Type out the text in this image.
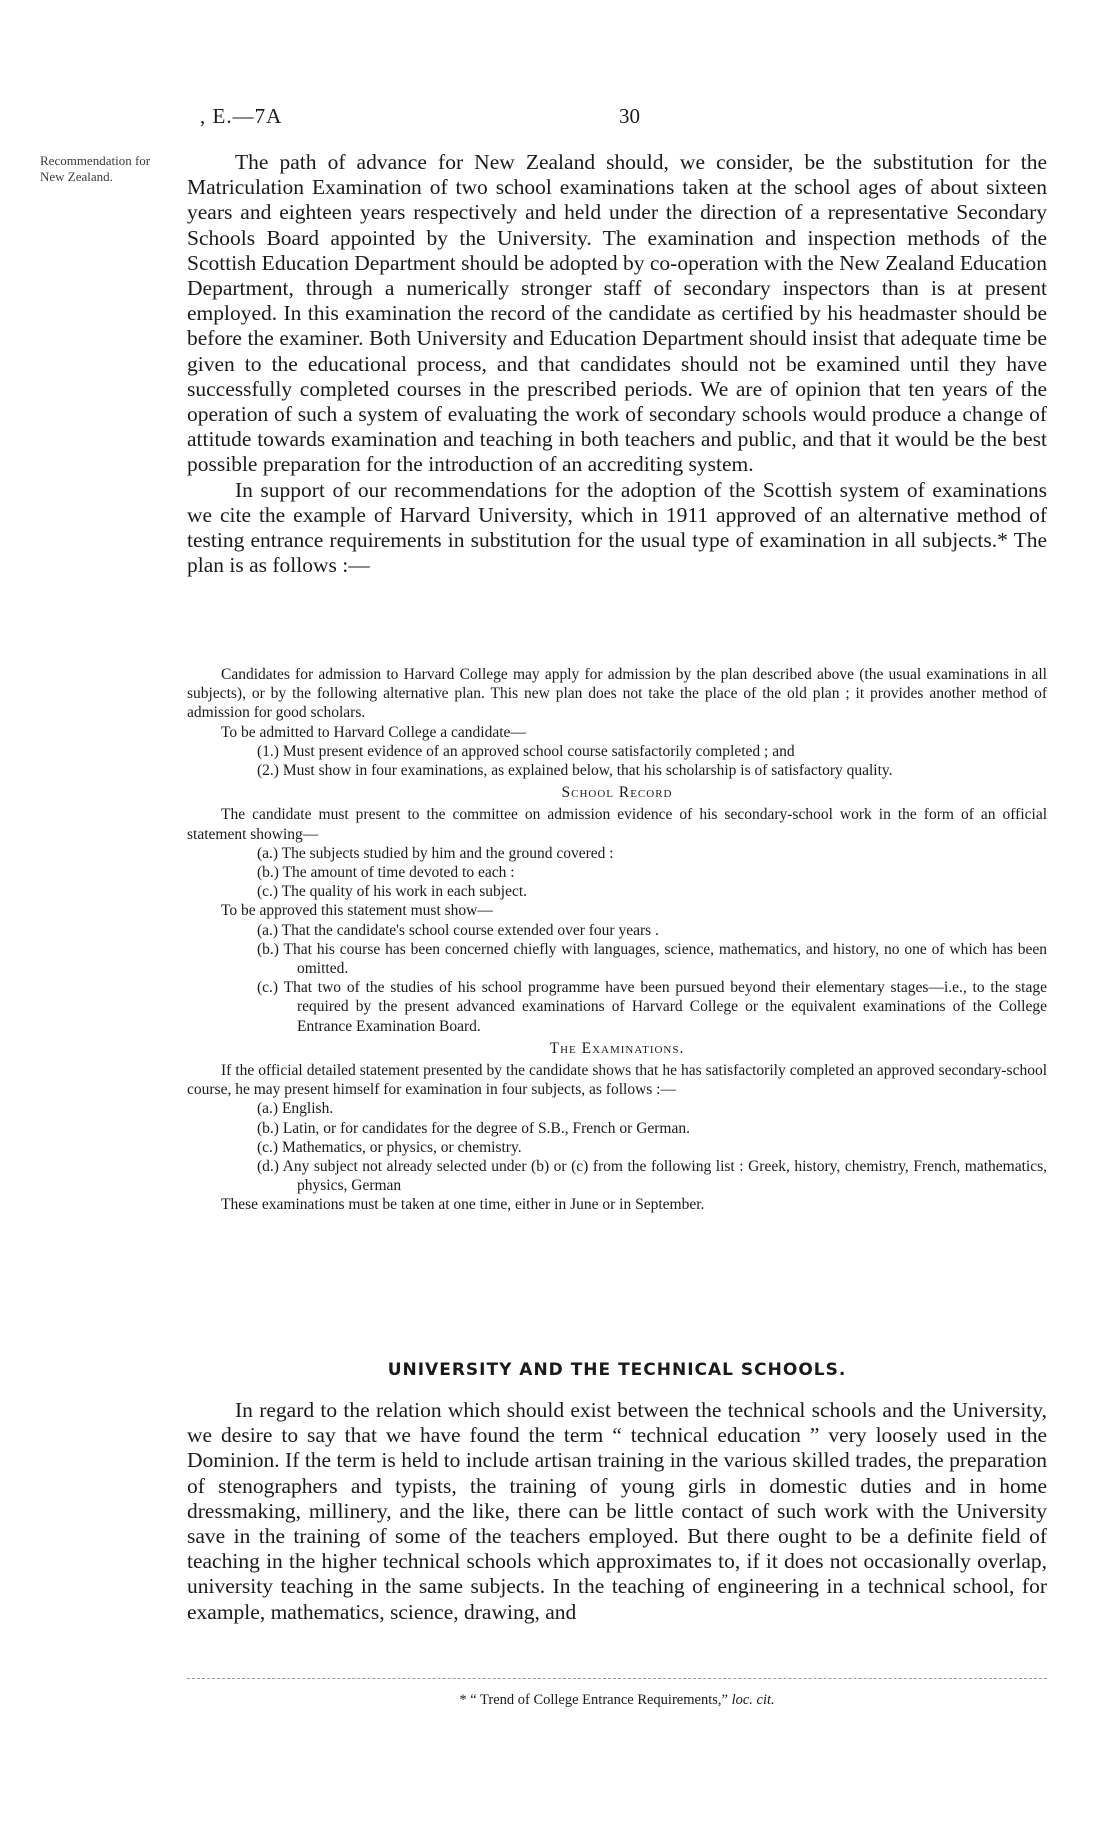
, E.—7A	30
Recommendation for New Zealand.

The path of advance for New Zealand should, we consider, be the substitution for the Matriculation Examination of two school examinations taken at the school ages of about sixteen years and eighteen years respectively and held under the direction of a representative Secondary Schools Board appointed by the University. The examination and inspection methods of the Scottish Education Department should be adopted by co-operation with the New Zealand Education Department, through a numerically stronger staff of secondary inspectors than is at present employed. In this examination the record of the candidate as certified by his headmaster should be before the examiner. Both University and Education Department should insist that adequate time be given to the educational process, and that candidates should not be examined until they have successfully completed courses in the prescribed periods. We are of opinion that ten years of the operation of such a system of evaluating the work of secondary schools would produce a change of attitude towards examination and teaching in both teachers and public, and that it would be the best possible preparation for the introduction of an accrediting system.

In support of our recommendations for the adoption of the Scottish system of examinations we cite the example of Harvard University, which in 1911 approved of an alternative method of testing entrance requirements in substitution for the usual type of examination in all subjects.* The plan is as follows :—

Candidates for admission to Harvard College may apply for admission by the plan described above (the usual examinations in all subjects), or by the following alternative plan. This new plan does not take the place of the old plan ; it provides another method of admission for good scholars.

To be admitted to Harvard College a candidate—

(1.) Must present evidence of an approved school course satisfactorily completed ; and

(2.) Must show in four examinations, as explained below, that his scholarship is of satisfactory quality.

School Record

The candidate must present to the committee on admission evidence of his secondary-school work in the form of an official statement showing—

(a.) The subjects studied by him and the ground covered :

(b.) The amount of time devoted to each :

(c.) The quality of his work in each subject.

To be approved this statement must show—

(a.) That the candidate's school course extended over four years .

(b.) That his course has been concerned chiefly with languages, science, mathematics, and history, no one of which has been omitted.

(c.) That two of the studies of his school programme have been pursued beyond their elementary stages—i.e., to the stage required by the present advanced examinations of Harvard College or the equivalent examinations of the College Entrance Examination Board.

The Examinations.

If the official detailed statement presented by the candidate shows that he has satisfactorily completed an approved secondary-school course, he may present himself for examination in four subjects, as follows :—

(a.) English.

(b.) Latin, or for candidates for the degree of S.B., French or German.

(c.) Mathematics, or physics, or chemistry.

(d.) Any subject not already selected under (b) or (c) from the following list : Greek, history, chemistry, French, mathematics, physics, German

These examinations must be taken at one time, either in June or in September.

UNIVERSITY AND THE TECHNICAL SCHOOLS.

In regard to the relation which should exist between the technical schools and the University, we desire to say that we have found the term “ technical education ” very loosely used in the Dominion. If the term is held to include artisan training in the various skilled trades, the preparation of stenographers and typists, the training of young girls in domestic duties and in home dressmaking, millinery, and the like, there can be little contact of such work with the University save in the training of some of the teachers employed. But there ought to be a definite field of teaching in the higher technical schools which approximates to, if it does not occasionally overlap, university teaching in the same subjects. In the teaching of engineering in a technical school, for example, mathematics, science, drawing, and

* “ Trend of College Entrance Requirements,” loc. cit.
